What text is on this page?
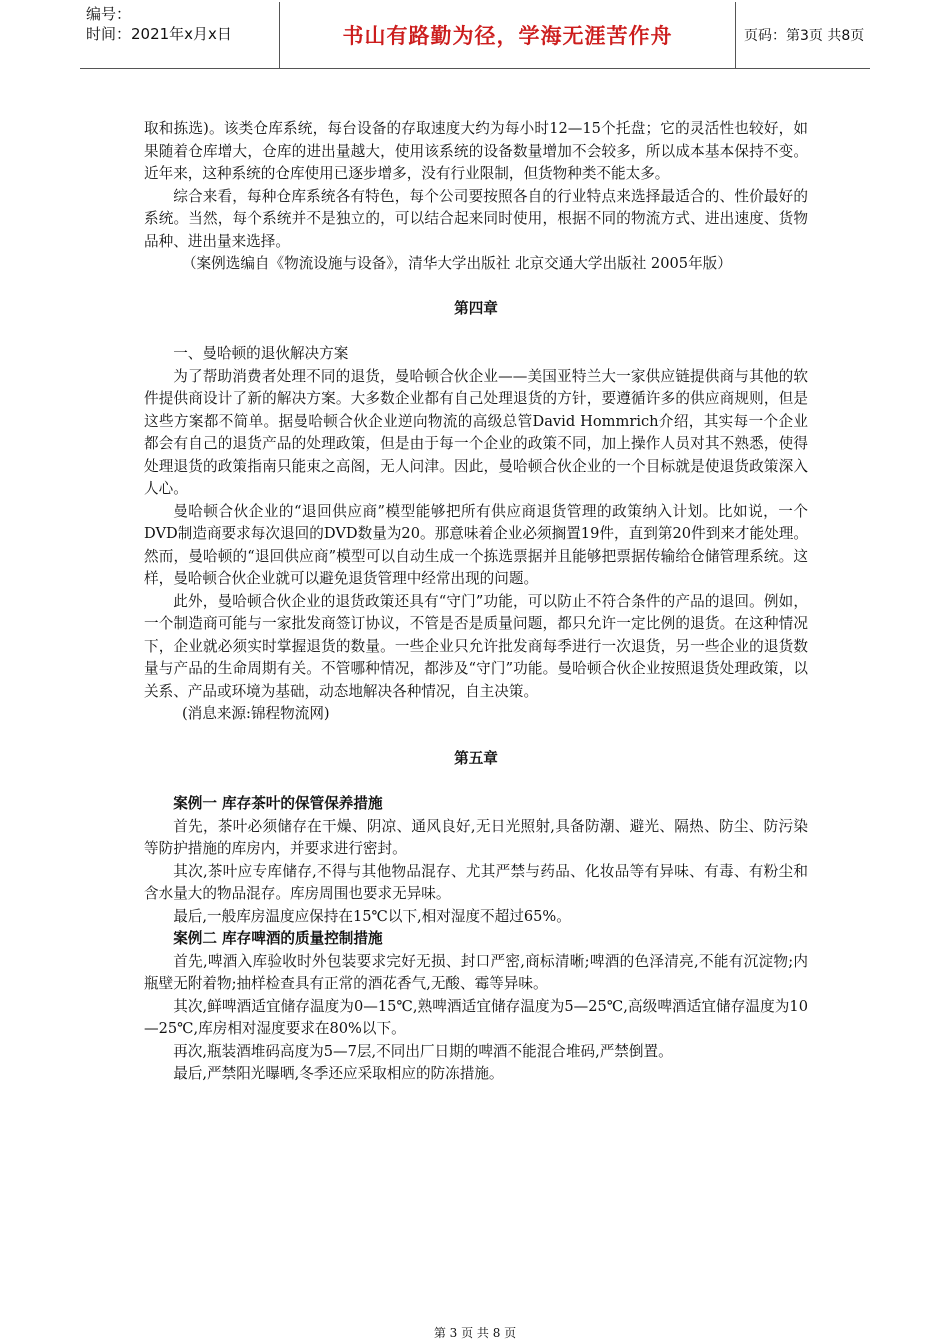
编号：
时间：2021年x月x日	书山有路勤为径，学海无涯苦作舟	页码：第3页 共8页

取和拣选)。该类仓库系统，每台设备的存取速度大约为每小时12—15个托盘；它的灵活性也较好，如果随着仓库增大，仓库的进出量越大，使用该系统的设备数量增加不会较多，所以成本基本保持不变。近年来，这种系统的仓库使用已逐步增多，没有行业限制，但货物种类不能太多。

综合来看，每种仓库系统各有特色，每个公司要按照各自的行业特点来选择最适合的、性价最好的系统。当然，每个系统并不是独立的，可以结合起来同时使用，根据不同的物流方式、进出速度、货物品种、进出量来选择。

（案例选编自《物流设施与设备》，清华大学出版社 北京交通大学出版社 2005年版）

第四章

一、曼哈顿的退伙解决方案

为了帮助消费者处理不同的退货，曼哈顿合伙企业——美国亚特兰大一家供应链提供商与其他的软件提供商设计了新的解决方案。大多数企业都有自己处理退货的方针，要遵循许多的供应商规则，但是这些方案都不简单。据曼哈顿合伙企业逆向物流的高级总管David Hommrich介绍，其实每一个企业都会有自己的退货产品的处理政策，但是由于每一个企业的政策不同，加上操作人员对其不熟悉，使得处理退货的政策指南只能束之高阁，无人问津。因此，曼哈顿合伙企业的一个目标就是使退货政策深入人心。

曼哈顿合伙企业的“退回供应商”模型能够把所有供应商退货管理的政策纳入计划。比如说，一个DVD制造商要求每次退回的DVD数量为20。那意味着企业必须搁置19件，直到第20件到来才能处理。然而，曼哈顿的“退回供应商”模型可以自动生成一个拣选票据并且能够把票据传输给仓储管理系统。这样，曼哈顿合伙企业就可以避免退货管理中经常出现的问题。

此外，曼哈顿合伙企业的退货政策还具有“守门”功能，可以防止不符合条件的产品的退回。例如，一个制造商可能与一家批发商签订协议，不管是否是质量问题，都只允许一定比例的退货。在这种情况下，企业就必须实时掌握退货的数量。一些企业只允许批发商每季进行一次退货，另一些企业的退货数量与产品的生命周期有关。不管哪种情况，都涉及“守门”功能。曼哈顿合伙企业按照退货处理政策，以关系、产品或环境为基础，动态地解决各种情况，自主决策。

(消息来源:锦程物流网)

第五章

案例一 库存茶叶的保管保养措施

首先，茶叶必须储存在干燥、阴凉、通风良好,无日光照射,具备防潮、避光、隔热、防尘、防污染等防护措施的库房内，并要求进行密封。

其次,茶叶应专库储存,不得与其他物品混存、尤其严禁与药品、化妆品等有异味、有毒、有粉尘和含水量大的物品混存。库房周围也要求无异味。

最后,一般库房温度应保持在15℃以下,相对湿度不超过65%。

案例二 库存啤酒的质量控制措施

首先,啤酒入库验收时外包装要求完好无损、封口严密,商标清晰;啤酒的色泽清亮,不能有沉淀物;内瓶壁无附着物;抽样检查具有正常的酒花香气,无酸、霉等异味。

其次,鲜啤酒适宜储存温度为0—15℃,熟啤酒适宜储存温度为5—25℃,高级啤酒适宜储存温度为10—25℃,库房相对湿度要求在80%以下。

再次,瓶装酒堆码高度为5—7层,不同出厂日期的啤酒不能混合堆码,严禁倒置。

最后,严禁阳光曝晒,冬季还应采取相应的防冻措施。

第 3 页 共 8 页
